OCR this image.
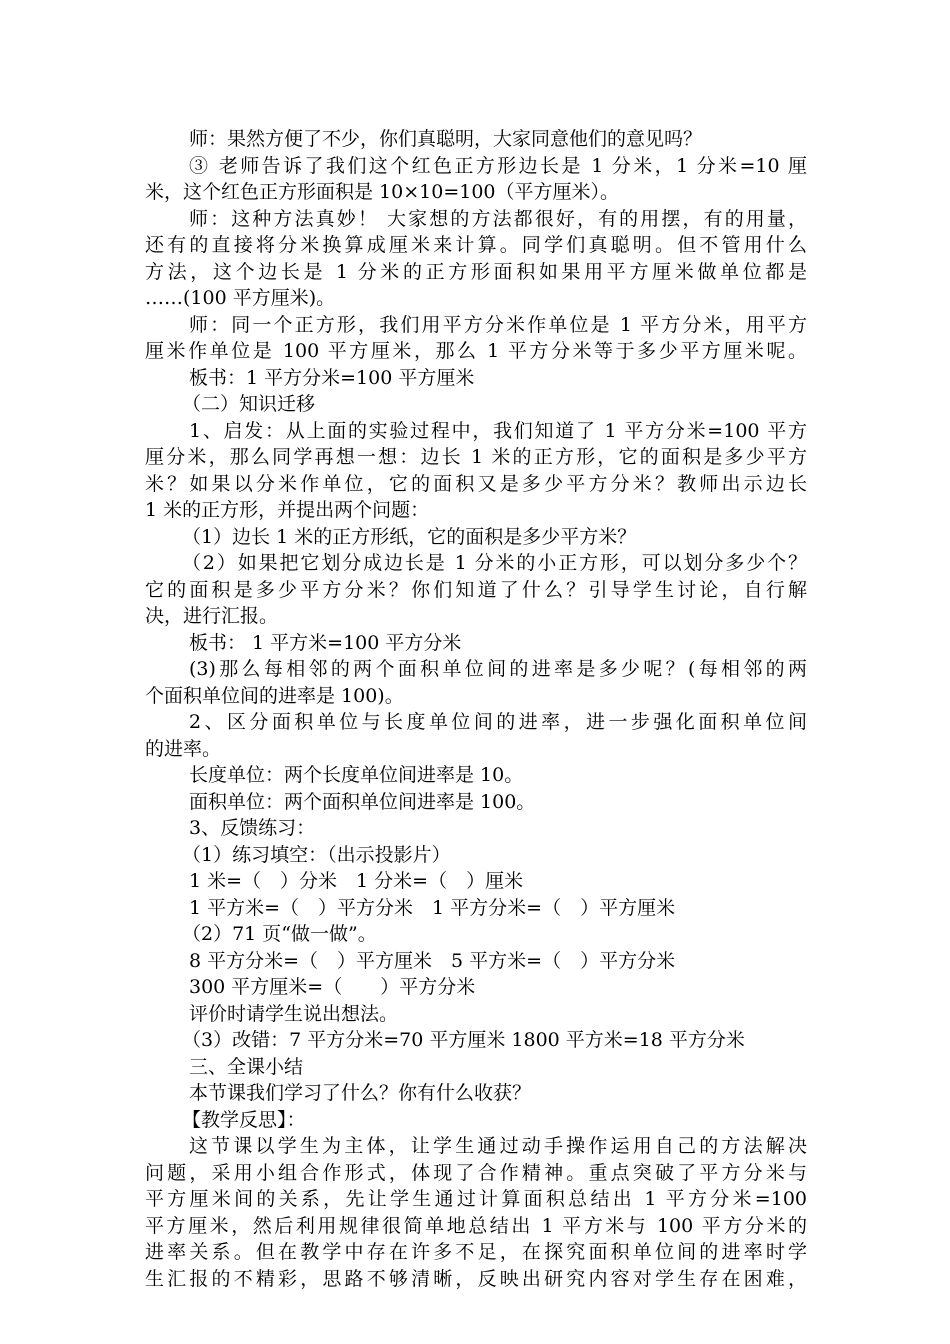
师：果然方便了不少，你们真聪明，大家同意他们的意见吗？
③ 老师告诉了我们这个红色正方形边长是 1 分米，1 分米=10 厘
米，这个红色正方形面积是 10×10=100（平方厘米）。
师：这种方法真妙！ 大家想的方法都很好，有的用摆，有的用量，
还有的直接将分米换算成厘米来计算。同学们真聪明。但不管用什么
方法，这个边长是 1 分米的正方形面积如果用平方厘米做单位都是
……(100 平方厘米)。
师：同一个正方形，我们用平方分米作单位是 1 平方分米，用平方
厘米作单位是 100 平方厘米，那么 1 平方分米等于多少平方厘米呢。
板书：1 平方分米=100 平方厘米
（二）知识迁移
1、启发：从上面的实验过程中，我们知道了 1 平方分米=100 平方
厘分米，那么同学再想一想：边长 1 米的正方形，它的面积是多少平方
米？如果以分米作单位，它的面积又是多少平方分米？教师出示边长
1 米的正方形，并提出两个问题：
（1）边长 1 米的正方形纸，它的面积是多少平方米？
（2）如果把它划分成边长是 1 分米的小正方形，可以划分多少个？
它的面积是多少平方分米？你们知道了什么？引导学生讨论，自行解
决，进行汇报。
板书： 1 平方米=100 平方分米
(3)那么每相邻的两个面积单位间的进率是多少呢？(每相邻的两
个面积单位间的进率是 100)。
2、区分面积单位与长度单位间的进率，进一步强化面积单位间
的进率。
长度单位：两个长度单位间进率是 10。
面积单位：两个面积单位间进率是 100。
3、反馈练习：
（1）练习填空：（出示投影片）
1 米=（　）分米　1 分米=（　）厘米
1 平方米=（　）平方分米　1 平方分米=（　）平方厘米
（2）71 页“做一做”。
8 平方分米=（　）平方厘米　5 平方米=（　）平方分米
300 平方厘米=（　　）平方分米
评价时请学生说出想法。
（3）改错：7 平方分米=70 平方厘米 1800 平方米=18 平方分米
三、全课小结
本节课我们学习了什么？你有什么收获？
【教学反思】：
这节课以学生为主体，让学生通过动手操作运用自己的方法解决
问题，采用小组合作形式，体现了合作精神。重点突破了平方分米与
平方厘米间的关系，先让学生通过计算面积总结出 1 平方分米=100
平方厘米，然后利用规律很简单地总结出 1 平方米与 100 平方分米的
进率关系。但在教学中存在许多不足，在探究面积单位间的进率时学
生汇报的不精彩，思路不够清晰，反映出研究内容对学生存在困难，
